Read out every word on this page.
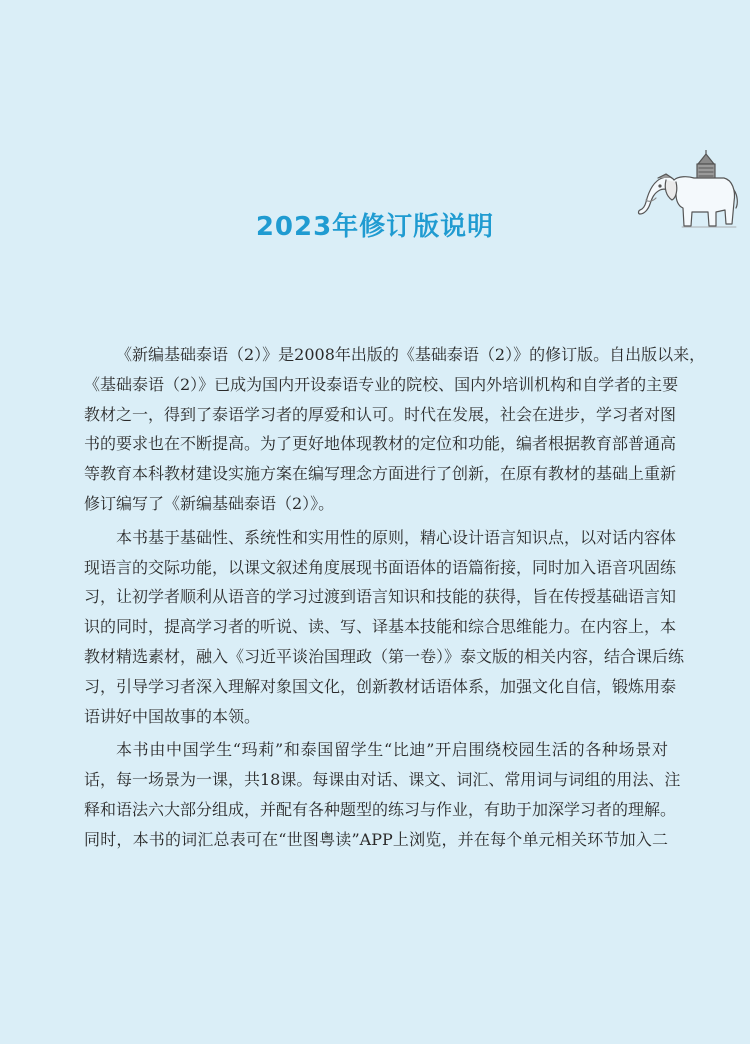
2023年修订版说明
《新编基础泰语（2）》是2008年出版的《基础泰语（2）》的修订版。自出版以来，
《基础泰语（2）》已成为国内开设泰语专业的院校、国内外培训机构和自学者的主要
教材之一，得到了泰语学习者的厚爱和认可。时代在发展，社会在进步，学习者对图
书的要求也在不断提高。为了更好地体现教材的定位和功能，编者根据教育部普通高
等教育本科教材建设实施方案在编写理念方面进行了创新，在原有教材的基础上重新
修订编写了《新编基础泰语（2）》。
本书基于基础性、系统性和实用性的原则，精心设计语言知识点，以对话内容体
现语言的交际功能，以课文叙述角度展现书面语体的语篇衔接，同时加入语音巩固练
习，让初学者顺利从语音的学习过渡到语言知识和技能的获得，旨在传授基础语言知
识的同时，提高学习者的听说、读、写、译基本技能和综合思维能力。在内容上，本
教材精选素材，融入《习近平谈治国理政（第一卷）》泰文版的相关内容，结合课后练
习，引导学习者深入理解对象国文化，创新教材话语体系，加强文化自信，锻炼用泰
语讲好中国故事的本领。
本书由中国学生“玛莉”和泰国留学生“比迪”开启围绕校园生活的各种场景对
话，每一场景为一课，共18课。每课由对话、课文、词汇、常用词与词组的用法、注
释和语法六大部分组成，并配有各种题型的练习与作业，有助于加深学习者的理解。
同时，本书的词汇总表可在“世图粤读”APP上浏览，并在每个单元相关环节加入二
